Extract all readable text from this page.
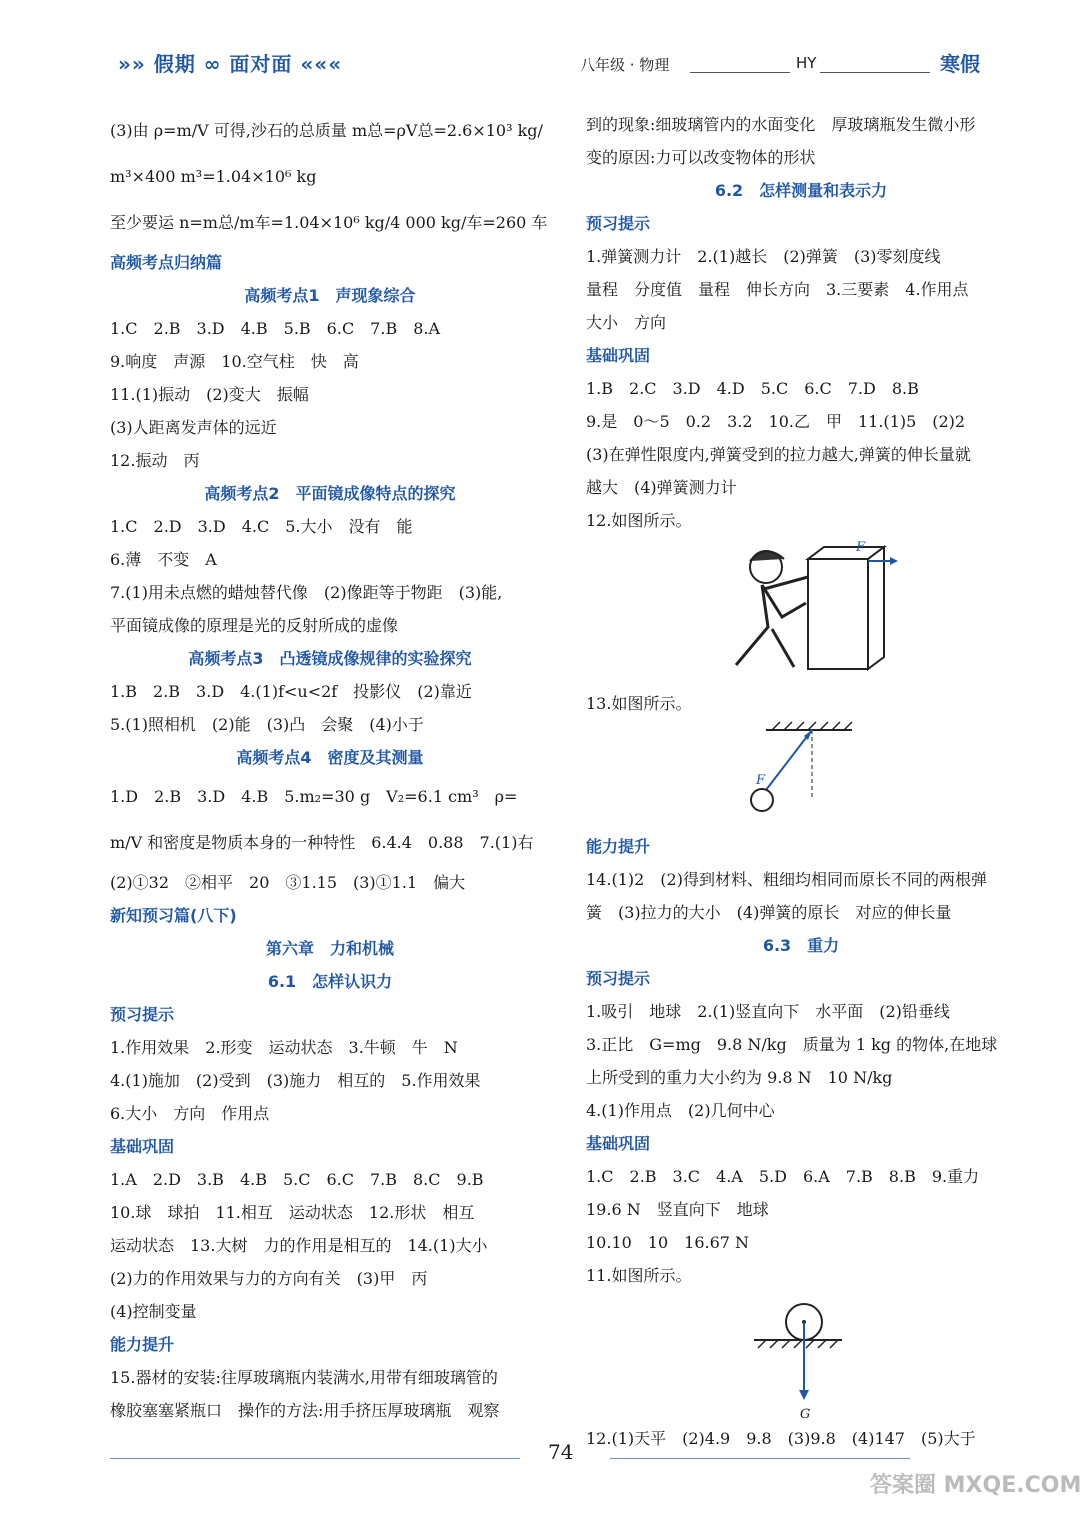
»» 假期 ∞ 面对面 «««	八年级 · 物理	HY	寒假
(3)由 ρ=m/V 可得,沙石的总质量 m总=ρV总=2.6×10³ kg/
m³×400 m³=1.04×10⁶ kg
至少要运 n=m总/m车=1.04×10⁶ kg/4 000 kg/车=260 车
高频考点归纳篇
高频考点1　声现象综合
1.C　2.B　3.D　4.B　5.B　6.C　7.B　8.A
9.响度　声源　10.空气柱　快　高
11.(1)振动　(2)变大　振幅
(3)人距离发声体的远近
12.振动　丙
高频考点2　平面镜成像特点的探究
1.C　2.D　3.D　4.C　5.大小　没有　能
6.薄　不变　A
7.(1)用未点燃的蜡烛替代像　(2)像距等于物距　(3)能,
平面镜成像的原理是光的反射所成的虚像
高频考点3　凸透镜成像规律的实验探究
1.B　2.B　3.D　4.(1)f<u<2f　投影仪　(2)靠近
5.(1)照相机　(2)能　(3)凸　会聚　(4)小于
高频考点4　密度及其测量
1.D　2.B　3.D　4.B　5.m₂=30 g　V₂=6.1 cm³　ρ=
m/V 和密度是物质本身的一种特性　6.4.4　0.88　7.(1)右
(2)①32　②相平　20　③1.15　(3)①1.1　偏大
新知预习篇(八下)
第六章　力和机械
6.1　怎样认识力
预习提示
1.作用效果　2.形变　运动状态　3.牛顿　牛　N
4.(1)施加　(2)受到　(3)施力　相互的　5.作用效果
6.大小　方向　作用点
基础巩固
1.A　2.D　3.B　4.B　5.C　6.C　7.B　8.C　9.B
10.球　球拍　11.相互　运动状态　12.形状　相互
运动状态　13.大树　力的作用是相互的　14.(1)大小
(2)力的作用效果与力的方向有关　(3)甲　丙
(4)控制变量
能力提升
15.器材的安装:往厚玻璃瓶内装满水,用带有细玻璃管的
橡胶塞塞紧瓶口　操作的方法:用手挤压厚玻璃瓶　观察
到的现象:细玻璃管内的水面变化　厚玻璃瓶发生微小形
变的原因:力可以改变物体的形状
6.2　怎样测量和表示力
预习提示
1.弹簧测力计　2.(1)越长　(2)弹簧　(3)零刻度线
量程　分度值　量程　伸长方向　3.三要素　4.作用点
大小　方向
基础巩固
1.B　2.C　3.D　4.D　5.C　6.C　7.D　8.B
9.是　0～5　0.2　3.2　10.乙　甲　11.(1)5　(2)2
(3)在弹性限度内,弹簧受到的拉力越大,弹簧的伸长量就
越大　(4)弹簧测力计
12.如图所示。
F
13.如图所示。
F
能力提升
14.(1)2　(2)得到材料、粗细均相同而原长不同的两根弹
簧　(3)拉力的大小　(4)弹簧的原长　对应的伸长量
6.3　重力
预习提示
1.吸引　地球　2.(1)竖直向下　水平面　(2)铅垂线
3.正比　G=mg　9.8 N/kg　质量为 1 kg 的物体,在地球
上所受到的重力大小约为 9.8 N　10 N/kg
4.(1)作用点　(2)几何中心
基础巩固
1.C　2.B　3.C　4.A　5.D　6.A　7.B　8.B　9.重力
19.6 N　竖直向下　地球
10.10　10　16.67 N
11.如图所示。
G
12.(1)天平　(2)4.9　9.8　(3)9.8　(4)147　(5)大于
74
答案圈 MXQE.COM
